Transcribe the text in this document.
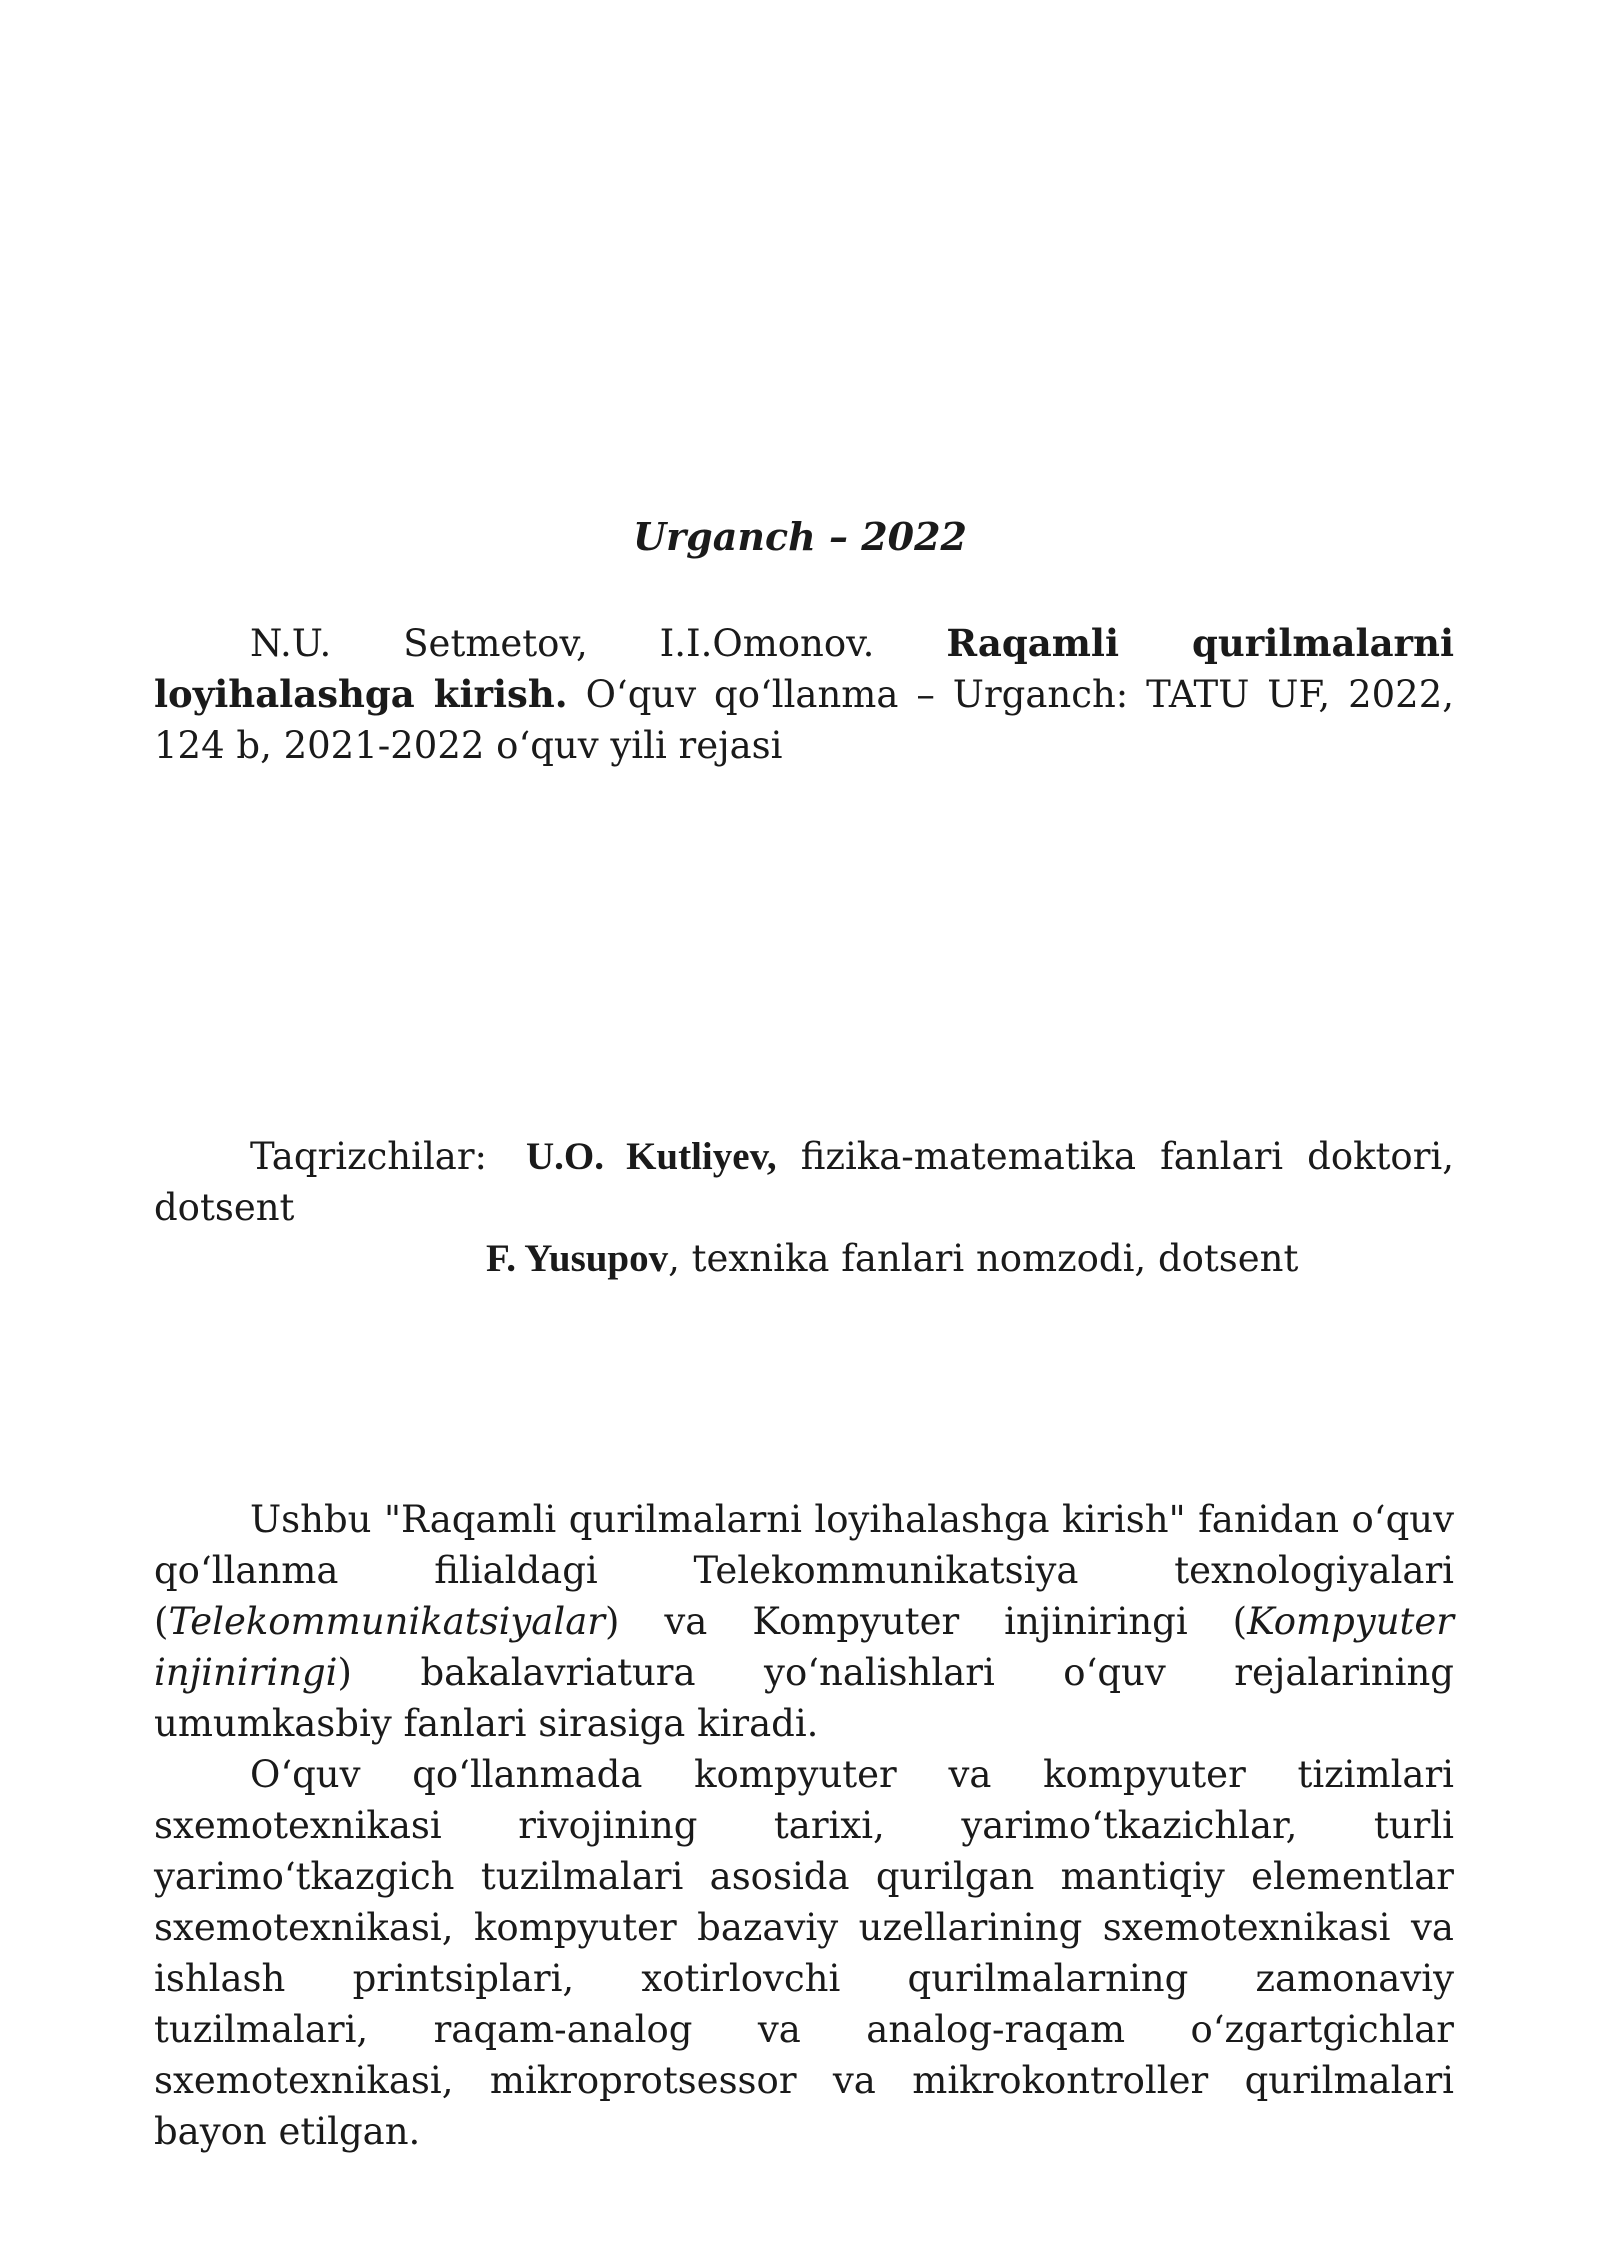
Urganch – 2022
N.U. Setmetov, I.I.Omonov. Raqamli qurilmalarni loyihalashga kirish. O‘quv qo‘llanma – Urganch: TATU UF, 2022, 124 b, 2021-2022 o‘quv yili rejasi
Taqrizchilar: U.O. Kutliyev, fizika-matematika fanlari doktori, dotsent
F. Yusupov, texnika fanlari nomzodi, dotsent

Ushbu "Raqamli qurilmalarni loyihalashga kirish" fanidan o‘quv qo‘llanma filialdagi Telekommunikatsiya texnologiyalari (Telekommunikatsiyalar) va Kompyuter injiniringi (Kompyuter injiniringi) bakalavriatura yo‘nalishlari o‘quv rejalarining umumkasbiy fanlari sirasiga kiradi.

O‘quv qo‘llanmada kompyuter va kompyuter tizimlari sxemotexnikasi rivojining tarixi, yarimo‘tkazichlar, turli yarimo‘tkazgich tuzilmalari asosida qurilgan mantiqiy elementlar sxemotexnikasi, kompyuter bazaviy uzellarining sxemotexnikasi va ishlash printsiplari, xotirlovchi qurilmalarning zamonaviy tuzilmalari, raqam-analog va analog-raqam o‘zgartgichlar sxemotexnikasi, mikroprotsessor va mikrokontroller qurilmalari bayon etilgan.
